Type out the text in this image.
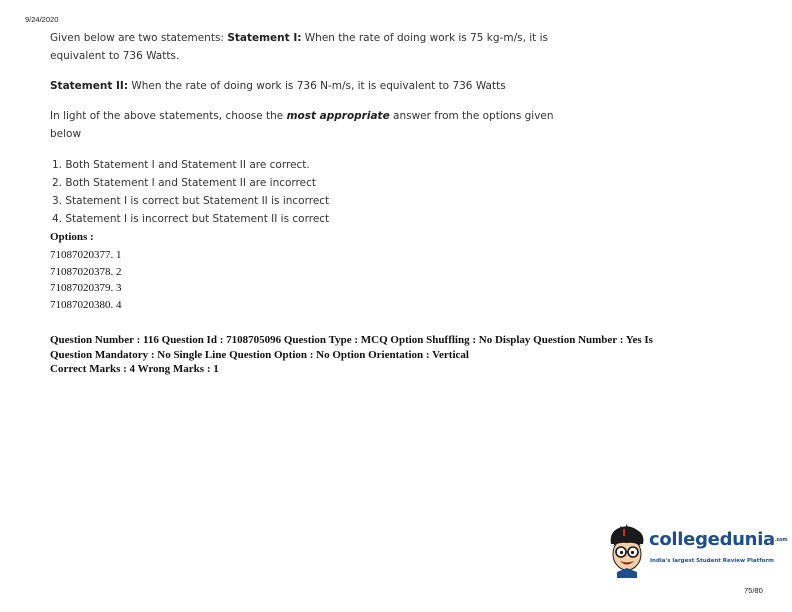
9/24/2020
Given below are two statements: Statement I: When the rate of doing work is 75 kg-m/s, it is
equivalent to 736 Watts.
Statement II: When the rate of doing work is 736 N-m/s, it is equivalent to 736 Watts
In light of the above statements, choose the most appropriate answer from the options given
below
1. Both Statement I and Statement II are correct.
2. Both Statement I and Statement II are incorrect
3. Statement I is correct but Statement II is incorrect
4. Statement I is incorrect but Statement II is correct
Options :
71087020377. 1
71087020378. 2
71087020379. 3
71087020380. 4
Question Number : 116 Question Id : 7108705096 Question Type : MCQ Option Shuffling : No Display Question Number : Yes Is
Question Mandatory : No Single Line Question Option : No Option Orientation : Vertical
Correct Marks : 4 Wrong Marks : 1
collegedunia.com
India's largest Student Review Platform
75/80
